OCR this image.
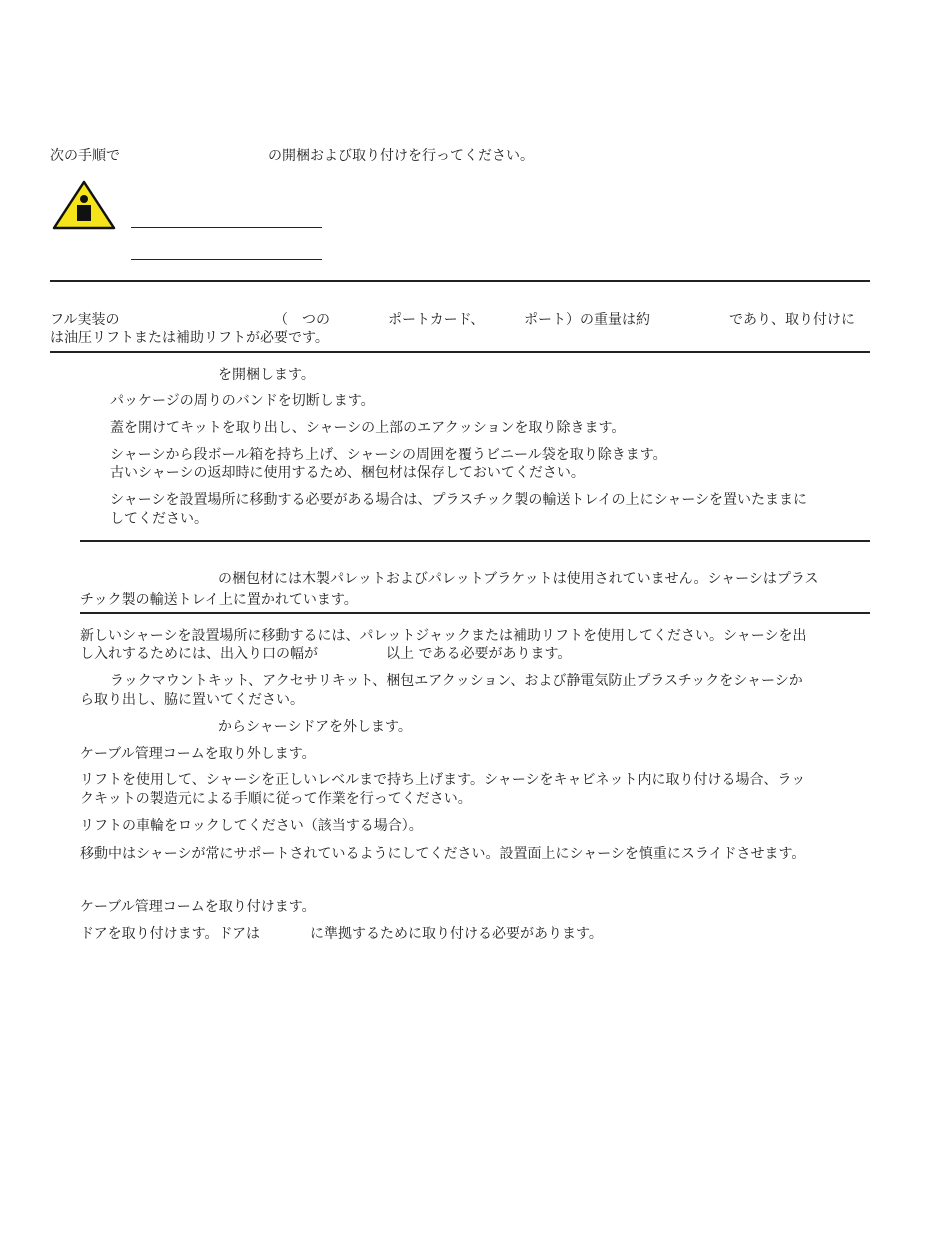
次の手順で	の開梱および取り付けを行ってください。
フル実装の	（　つの	ポートカード、	ポート）の重量は約	であり、取り付けに
は油圧リフトまたは補助リフトが必要です。
を開梱します。
パッケージの周りのバンドを切断します。
蓋を開けてキットを取り出し、シャーシの上部のエアクッションを取り除きます。
シャーシから段ボール箱を持ち上げ、シャーシの周囲を覆うビニール袋を取り除きます。
古いシャーシの返却時に使用するため、梱包材は保存しておいてください。
シャーシを設置場所に移動する必要がある場合は、プラスチック製の輸送トレイの上にシャーシを置いたままに
してください。
の梱包材には木製パレットおよびパレットブラケットは使用されていません。シャーシはプラス
チック製の輸送トレイ上に置かれています。
新しいシャーシを設置場所に移動するには、パレットジャックまたは補助リフトを使用してください。シャーシを出
し入れするためには、出入り口の幅が	以上 である必要があります。
ラックマウントキット、アクセサリキット、梱包エアクッション、および静電気防止プラスチックをシャーシか
ら取り出し、脇に置いてください。
からシャーシドアを外します。
ケーブル管理コームを取り外します。
リフトを使用して、シャーシを正しいレベルまで持ち上げます。シャーシをキャビネット内に取り付ける場合、ラッ
クキットの製造元による手順に従って作業を行ってください。
リフトの車輪をロックしてください（該当する場合）。
移動中はシャーシが常にサポートされているようにしてください。設置面上にシャーシを慎重にスライドさせます。
ケーブル管理コームを取り付けます。
ドアを取り付けます。ドアは	に準拠するために取り付ける必要があります。
